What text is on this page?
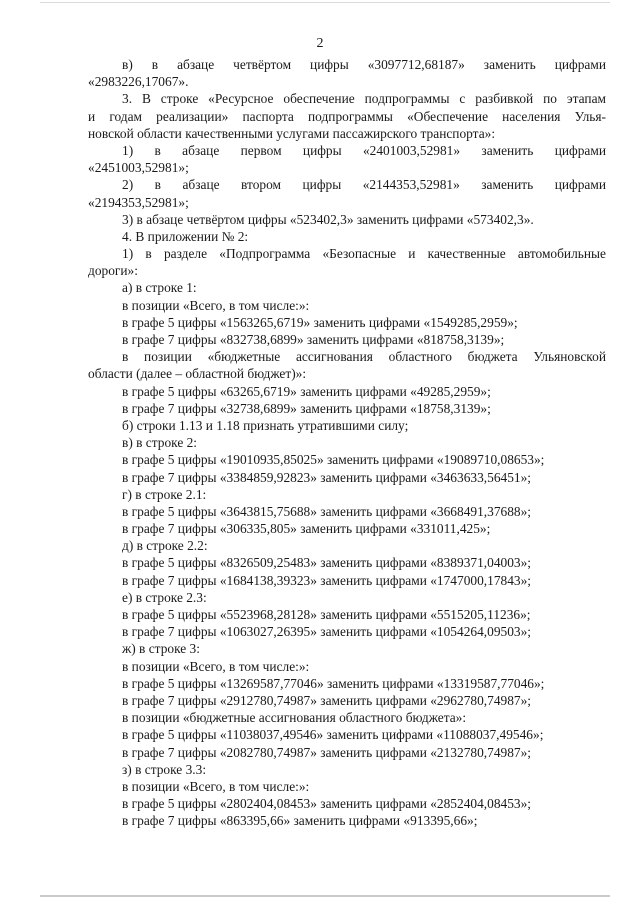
2
в) в абзаце четвёртом цифры «3097712,68187» заменить цифрами
«2983226,17067».
3. В строке «Ресурсное обеспечение подпрограммы с разбивкой по этапам
и годам реализации» паспорта подпрограммы «Обеспечение населения Улья-
новской области качественными услугами пассажирского транспорта»:
1) в абзаце первом цифры «2401003,52981» заменить цифрами
«2451003,52981»;
2) в абзаце втором цифры «2144353,52981» заменить цифрами
«2194353,52981»;
3) в абзаце четвёртом цифры «523402,3» заменить цифрами «573402,3».
4. В приложении № 2:
1) в разделе «Подпрограмма «Безопасные и качественные автомобильные
дороги»:
а) в строке 1:
в позиции «Всего, в том числе:»:
в графе 5 цифры «1563265,6719» заменить цифрами «1549285,2959»;
в графе 7 цифры «832738,6899» заменить цифрами «818758,3139»;
в позиции «бюджетные ассигнования областного бюджета Ульяновской
области (далее – областной бюджет)»:
в графе 5 цифры «63265,6719» заменить цифрами «49285,2959»;
в графе 7 цифры «32738,6899» заменить цифрами «18758,3139»;
б) строки 1.13 и 1.18 признать утратившими силу;
в) в строке 2:
в графе 5 цифры «19010935,85025» заменить цифрами «19089710,08653»;
в графе 7 цифры «3384859,92823» заменить цифрами «3463633,56451»;
г) в строке 2.1:
в графе 5 цифры «3643815,75688» заменить цифрами «3668491,37688»;
в графе 7 цифры «306335,805» заменить цифрами «331011,425»;
д) в строке 2.2:
в графе 5 цифры «8326509,25483» заменить цифрами «8389371,04003»;
в графе 7 цифры «1684138,39323» заменить цифрами «1747000,17843»;
е) в строке 2.3:
в графе 5 цифры «5523968,28128» заменить цифрами «5515205,11236»;
в графе 7 цифры «1063027,26395» заменить цифрами «1054264,09503»;
ж) в строке 3:
в позиции «Всего, в том числе:»:
в графе 5 цифры «13269587,77046» заменить цифрами «13319587,77046»;
в графе 7 цифры «2912780,74987» заменить цифрами «2962780,74987»;
в позиции «бюджетные ассигнования областного бюджета»:
в графе 5 цифры «11038037,49546» заменить цифрами «11088037,49546»;
в графе 7 цифры «2082780,74987» заменить цифрами «2132780,74987»;
з) в строке 3.3:
в позиции «Всего, в том числе:»:
в графе 5 цифры «2802404,08453» заменить цифрами «2852404,08453»;
в графе 7 цифры «863395,66» заменить цифрами «913395,66»;
